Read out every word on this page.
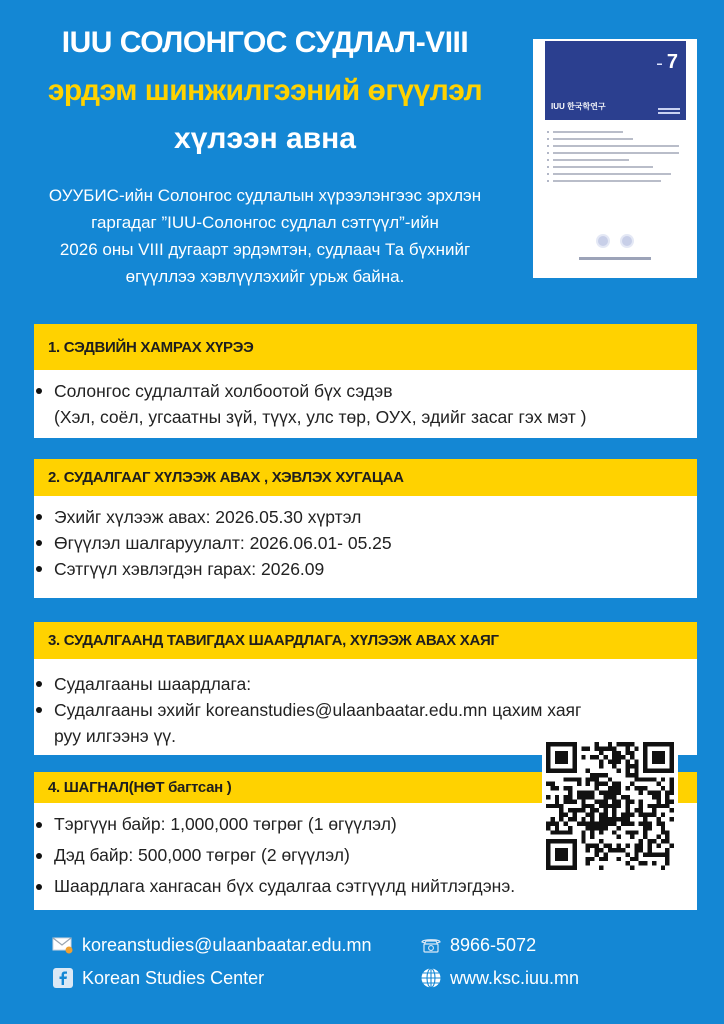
IUU СОЛОНГОС СУДЛАЛ-VIII
эрдэм шинжилгээний өгүүлэл
хүлээн авна
ОУУБИС-ийн Солонгос судлалын хүрээлэнгээс эрхлэн
гаргадаг ”IUU-Солонгос судлал сэтгүүл”-ийн
2026 оны VIII дугаарт эрдэмтэн, судлаач Та бүхнийг
өгүүллээ хэвлүүлэхийг урьж байна.
▬ 7
IUU 한국학연구
1. СЭДВИЙН ХАМРАХ ХҮРЭЭ
Солонгос судлалтай холбоотой бүх сэдэв
(Хэл, соёл, угсаатны зүй, түүх, улс төр, ОУХ, эдийг засаг гэх мэт )
2. СУДАЛГААГ ХҮЛЭЭЖ АВАХ , ХЭВЛЭХ ХУГАЦАА
Эхийг хүлээж авах: 2026.05.30 хүртэл
Өгүүлэл шалгаруулалт: 2026.06.01- 05.25
Сэтгүүл хэвлэгдэн гарах: 2026.09
3. СУДАЛГААНД ТАВИГДАХ ШААРДЛАГА, ХҮЛЭЭЖ АВАХ ХАЯГ
Судалгааны шаардлага:
Судалгааны эхийг koreanstudies@ulaanbaatar.edu.mn цахим хаяг
руу илгээнэ үү.
4. ШАГНАЛ(НӨТ багтсан )
Тэргүүн байр: 1,000,000 төгрөг (1 өгүүлэл)
Дэд байр: 500,000 төгрөг (2 өгүүлэл)
Шаардлага хангасан бүх судалгаа сэтгүүлд нийтлэгдэнэ.
koreanstudies@ulaanbaatar.edu.mn
Korean Studies Center
8966-5072
www.ksc.iuu.mn
